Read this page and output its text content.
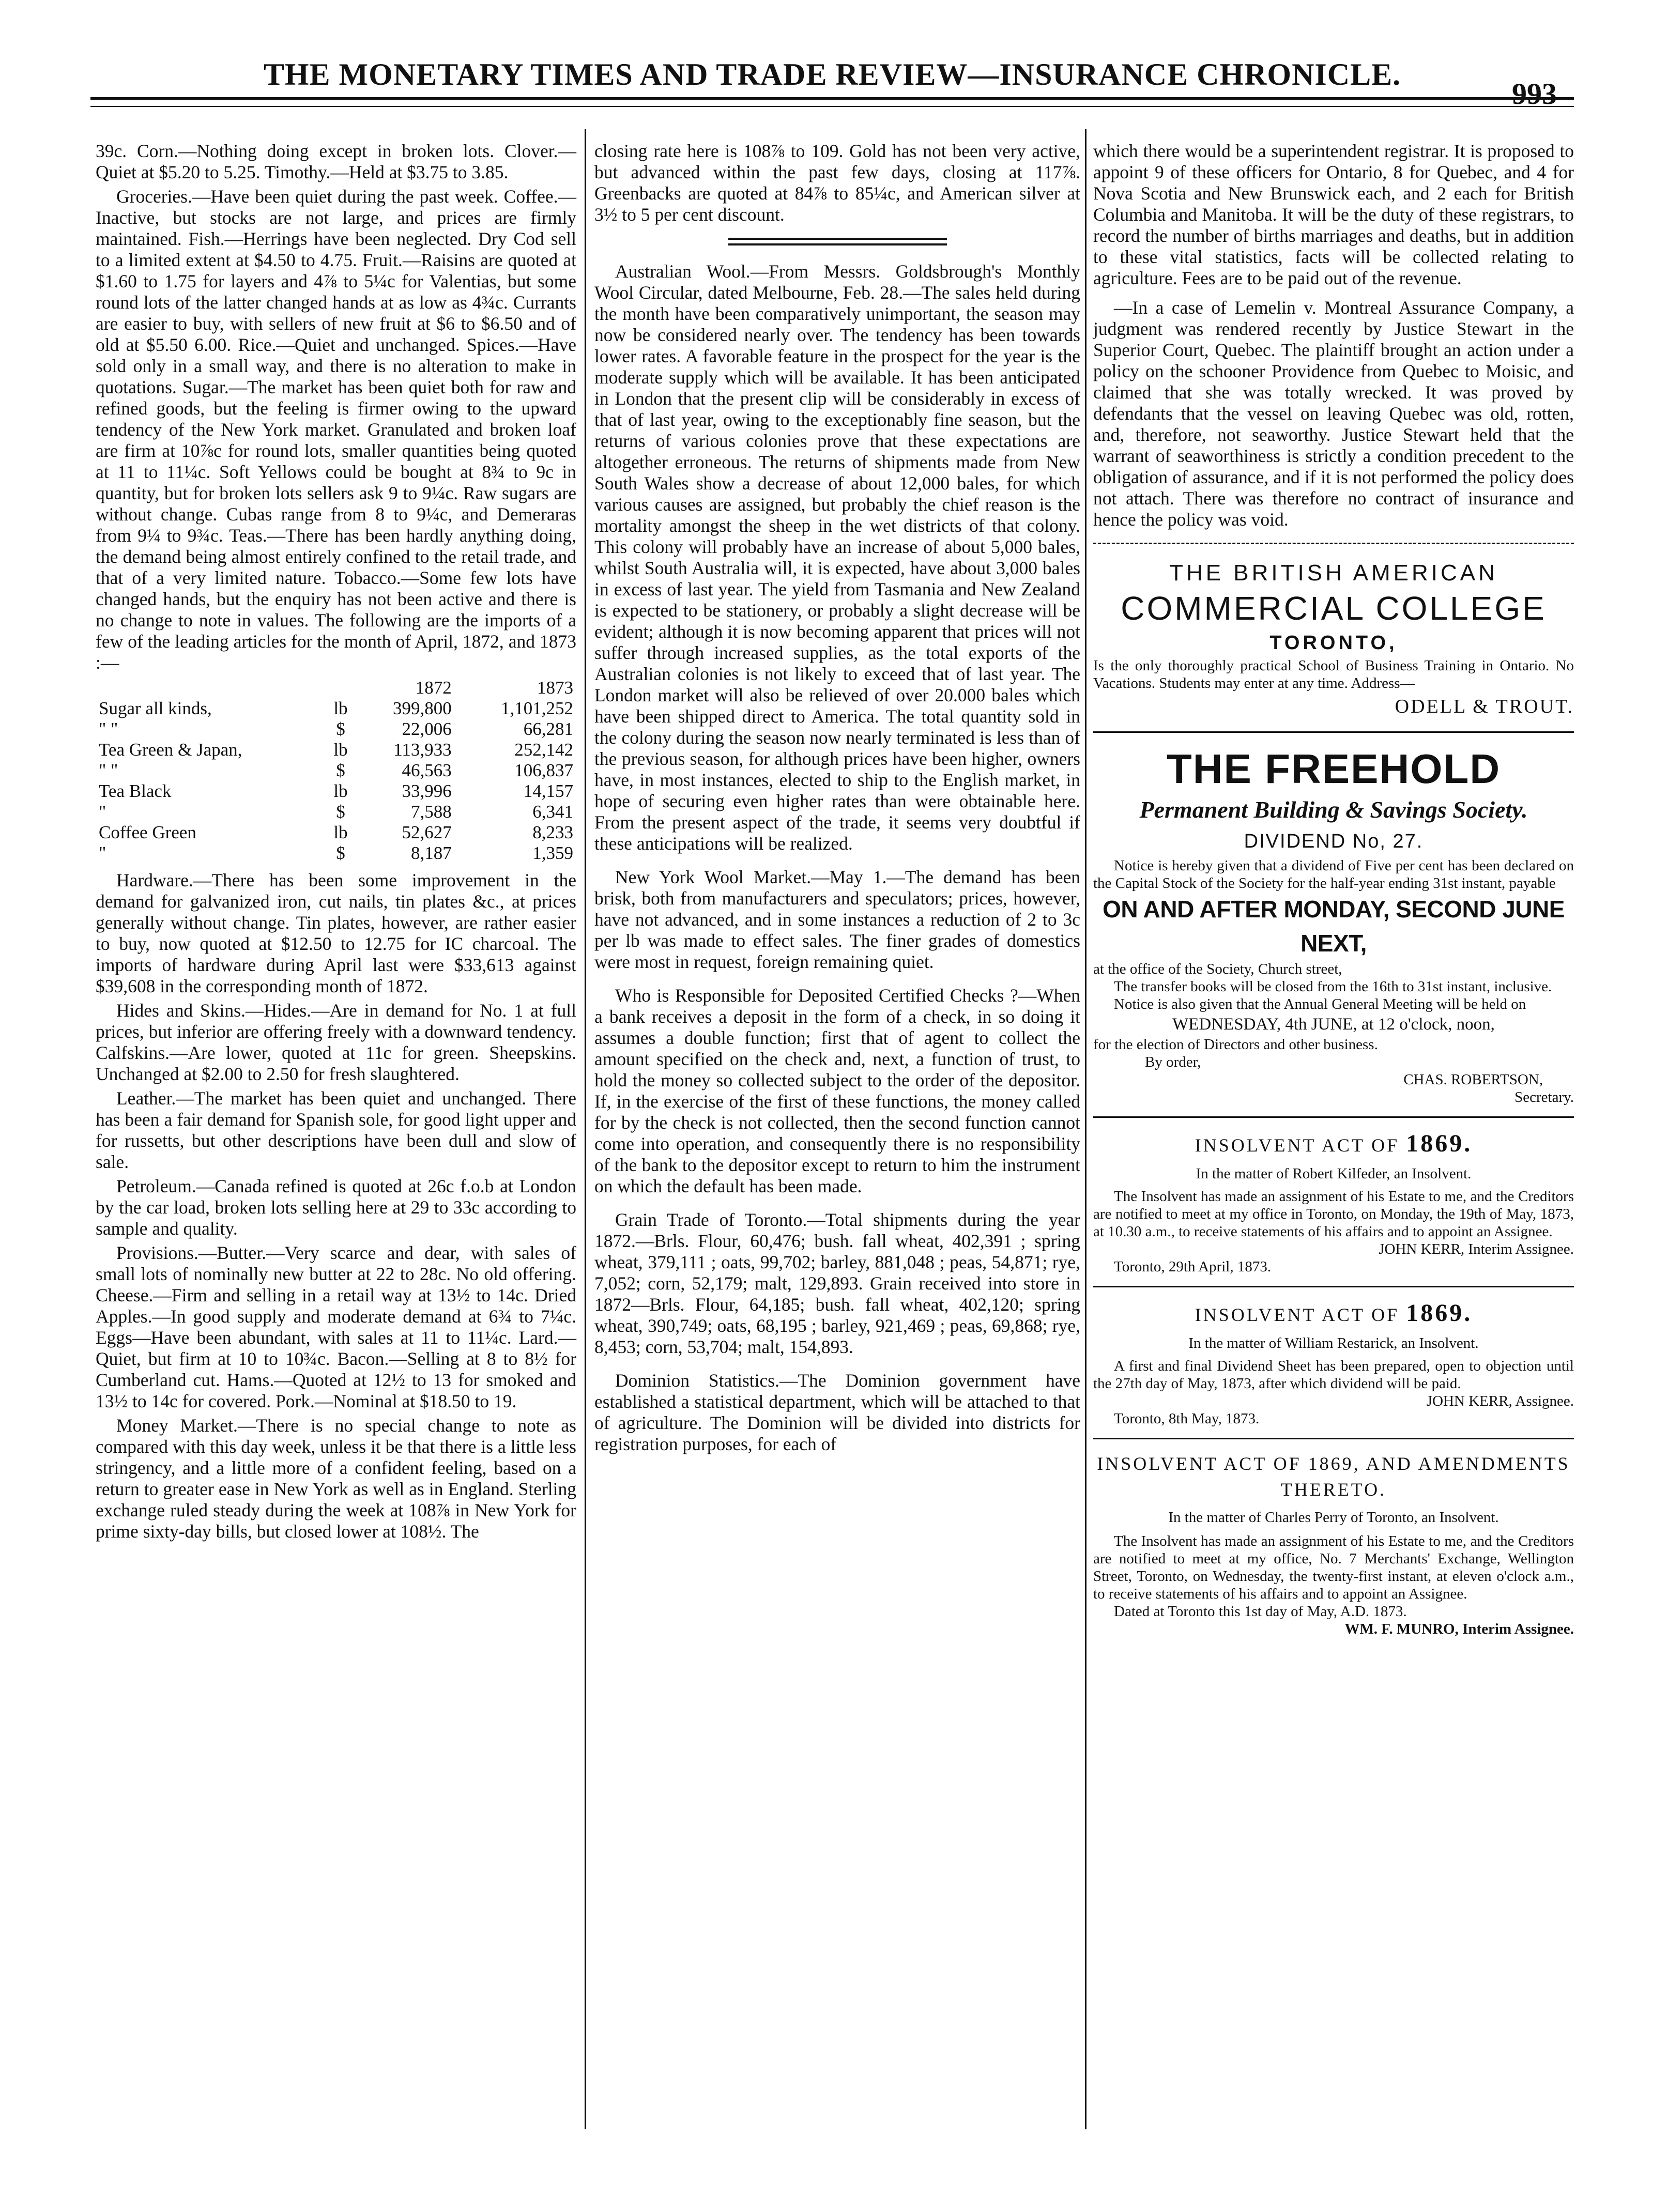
THE MONETARY TIMES AND TRADE REVIEW—INSURANCE CHRONICLE.
993

39c. Corn.—Nothing doing except in broken lots. Clover.—Quiet at $5.20 to 5.25. Timothy.—Held at $3.75 to 3.85.

Groceries.—Have been quiet during the past week. Coffee.—Inactive, but stocks are not large, and prices are firmly maintained. Fish.—Herrings have been neglected. Dry Cod sell to a limited extent at $4.50 to 4.75. Fruit.—Raisins are quoted at $1.60 to 1.75 for layers and 4⅞ to 5¼c for Valentias, but some round lots of the latter changed hands at as low as 4¾c. Currants are easier to buy, with sellers of new fruit at $6 to $6.50 and of old at $5.50 6.00. Rice.—Quiet and unchanged. Spices.—Have sold only in a small way, and there is no alteration to make in quotations. Sugar.—The market has been quiet both for raw and refined goods, but the feeling is firmer owing to the upward tendency of the New York market. Granulated and broken loaf are firm at 10⅞c for round lots, smaller quantities being quoted at 11 to 11¼c. Soft Yellows could be bought at 8¾ to 9c in quantity, but for broken lots sellers ask 9 to 9¼c. Raw sugars are without change. Cubas range from 8 to 9¼c, and Demeraras from 9¼ to 9¾c. Teas.—There has been hardly anything doing, the demand being almost entirely confined to the retail trade, and that of a very limited nature. Tobacco.—Some few lots have changed hands, but the enquiry has not been active and there is no change to note in values. The following are the imports of a few of the leading articles for the month of April, 1872, and 1873 :—

		1872	1873
Sugar all kinds,	lb	399,800	1,101,252
" "	$	22,006	66,281
Tea Green & Japan,	lb	113,933	252,142
" "	$	46,563	106,837
Tea Black	lb	33,996	14,157
"	$	7,588	6,341
Coffee Green	lb	52,627	8,233
"	$	8,187	1,359

Hardware.—There has been some improvement in the demand for galvanized iron, cut nails, tin plates &c., at prices generally without change. Tin plates, however, are rather easier to buy, now quoted at $12.50 to 12.75 for IC charcoal. The imports of hardware during April last were $33,613 against $39,608 in the corresponding month of 1872.

Hides and Skins.—Hides.—Are in demand for No. 1 at full prices, but inferior are offering freely with a downward tendency. Calfskins.—Are lower, quoted at 11c for green. Sheepskins. Unchanged at $2.00 to 2.50 for fresh slaughtered.

Leather.—The market has been quiet and unchanged. There has been a fair demand for Spanish sole, for good light upper and for russetts, but other descriptions have been dull and slow of sale.

Petroleum.—Canada refined is quoted at 26c f.o.b at London by the car load, broken lots selling here at 29 to 33c according to sample and quality.

Provisions.—Butter.—Very scarce and dear, with sales of small lots of nominally new butter at 22 to 28c. No old offering. Cheese.—Firm and selling in a retail way at 13½ to 14c. Dried Apples.—In good supply and moderate demand at 6¾ to 7¼c. Eggs—Have been abundant, with sales at 11 to 11¼c. Lard.—Quiet, but firm at 10 to 10¾c. Bacon.—Selling at 8 to 8½ for Cumberland cut. Hams.—Quoted at 12½ to 13 for smoked and 13½ to 14c for covered. Pork.—Nominal at $18.50 to 19.

Money Market.—There is no special change to note as compared with this day week, unless it be that there is a little less stringency, and a little more of a confident feeling, based on a return to greater ease in New York as well as in England. Sterling exchange ruled steady during the week at 108⅞ in New York for prime sixty-day bills, but closed lower at 108½. The

closing rate here is 108⅞ to 109. Gold has not been very active, but advanced within the past few days, closing at 117⅞. Greenbacks are quoted at 84⅞ to 85¼c, and American silver at 3½ to 5 per cent discount.

Australian Wool.—From Messrs. Goldsbrough's Monthly Wool Circular, dated Melbourne, Feb. 28.—The sales held during the month have been comparatively unimportant, the season may now be considered nearly over. The tendency has been towards lower rates. A favorable feature in the prospect for the year is the moderate supply which will be available. It has been anticipated in London that the present clip will be considerably in excess of that of last year, owing to the exceptionably fine season, but the returns of various colonies prove that these expectations are altogether erroneous. The returns of shipments made from New South Wales show a decrease of about 12,000 bales, for which various causes are assigned, but probably the chief reason is the mortality amongst the sheep in the wet districts of that colony. This colony will probably have an increase of about 5,000 bales, whilst South Australia will, it is expected, have about 3,000 bales in excess of last year. The yield from Tasmania and New Zealand is expected to be stationery, or probably a slight decrease will be evident; although it is now becoming apparent that prices will not suffer through increased supplies, as the total exports of the Australian colonies is not likely to exceed that of last year. The London market will also be relieved of over 20.000 bales which have been shipped direct to America. The total quantity sold in the colony during the season now nearly terminated is less than of the previous season, for although prices have been higher, owners have, in most instances, elected to ship to the English market, in hope of securing even higher rates than were obtainable here. From the present aspect of the trade, it seems very doubtful if these anticipations will be realized.

New York Wool Market.—May 1.—The demand has been brisk, both from manufacturers and speculators; prices, however, have not advanced, and in some instances a reduction of 2 to 3c per lb was made to effect sales. The finer grades of domestics were most in request, foreign remaining quiet.

Who is Responsible for Deposited Certified Checks ?—When a bank receives a deposit in the form of a check, in so doing it assumes a double function; first that of agent to collect the amount specified on the check and, next, a function of trust, to hold the money so collected subject to the order of the depositor. If, in the exercise of the first of these functions, the money called for by the check is not collected, then the second function cannot come into operation, and consequently there is no responsibility of the bank to the depositor except to return to him the instrument on which the default has been made.

Grain Trade of Toronto.—Total shipments during the year 1872.—Brls. Flour, 60,476; bush. fall wheat, 402,391 ; spring wheat, 379,111 ; oats, 99,702; barley, 881,048 ; peas, 54,871; rye, 7,052; corn, 52,179; malt, 129,893. Grain received into store in 1872—Brls. Flour, 64,185; bush. fall wheat, 402,120; spring wheat, 390,749; oats, 68,195 ; barley, 921,469 ; peas, 69,868; rye, 8,453; corn, 53,704; malt, 154,893.

Dominion Statistics.—The Dominion government have established a statistical department, which will be attached to that of agriculture. The Dominion will be divided into districts for registration purposes, for each of

which there would be a superintendent registrar. It is proposed to appoint 9 of these officers for Ontario, 8 for Quebec, and 4 for Nova Scotia and New Brunswick each, and 2 each for British Columbia and Manitoba. It will be the duty of these registrars, to record the number of births marriages and deaths, but in addition to these vital statistics, facts will be collected relating to agriculture. Fees are to be paid out of the revenue.

—In a case of Lemelin v. Montreal Assurance Company, a judgment was rendered recently by Justice Stewart in the Superior Court, Quebec. The plaintiff brought an action under a policy on the schooner Providence from Quebec to Moisic, and claimed that she was totally wrecked. It was proved by defendants that the vessel on leaving Quebec was old, rotten, and, therefore, not seaworthy. Justice Stewart held that the warrant of seaworthiness is strictly a condition precedent to the obligation of assurance, and if it is not performed the policy does not attach. There was therefore no contract of insurance and hence the policy was void.

THE BRITISH AMERICAN
COMMERCIAL COLLEGE
TORONTO,
Is the only thoroughly practical School of Business Training in Ontario. No Vacations. Students may enter at any time. Address—
ODELL & TROUT.
THE FREEHOLD
Permanent Building & Savings Society.
DIVIDEND No, 27.
Notice is hereby given that a dividend of Five per cent has been declared on the Capital Stock of the Society for the half-year ending 31st instant, payable
ON AND AFTER MONDAY, SECOND JUNE NEXT,
at the office of the Society, Church street,
The transfer books will be closed from the 16th to 31st instant, inclusive.
Notice is also given that the Annual General Meeting will be held on
WEDNESDAY, 4th JUNE, at 12 o'clock, noon,
for the election of Directors and other business.
By order,
CHAS. ROBERTSON,
Secretary.
INSOLVENT ACT OF 1869.
In the matter of Robert Kilfeder, an Insolvent.
The Insolvent has made an assignment of his Estate to me, and the Creditors are notified to meet at my office in Toronto, on Monday, the 19th of May, 1873, at 10.30 a.m., to receive statements of his affairs and to appoint an Assignee.
JOHN KERR, Interim Assignee.
Toronto, 29th April, 1873.
INSOLVENT ACT OF 1869.
In the matter of William Restarick, an Insolvent.
A first and final Dividend Sheet has been prepared, open to objection until the 27th day of May, 1873, after which dividend will be paid.
JOHN KERR, Assignee.
Toronto, 8th May, 1873.
INSOLVENT ACT OF 1869, AND AMENDMENTS THERETO.
In the matter of Charles Perry of Toronto, an Insolvent.
The Insolvent has made an assignment of his Estate to me, and the Creditors are notified to meet at my office, No. 7 Merchants' Exchange, Wellington Street, Toronto, on Wednesday, the twenty-first instant, at eleven o'clock a.m., to receive statements of his affairs and to appoint an Assignee.
Dated at Toronto this 1st day of May, A.D. 1873.
WM. F. MUNRO, Interim Assignee.
